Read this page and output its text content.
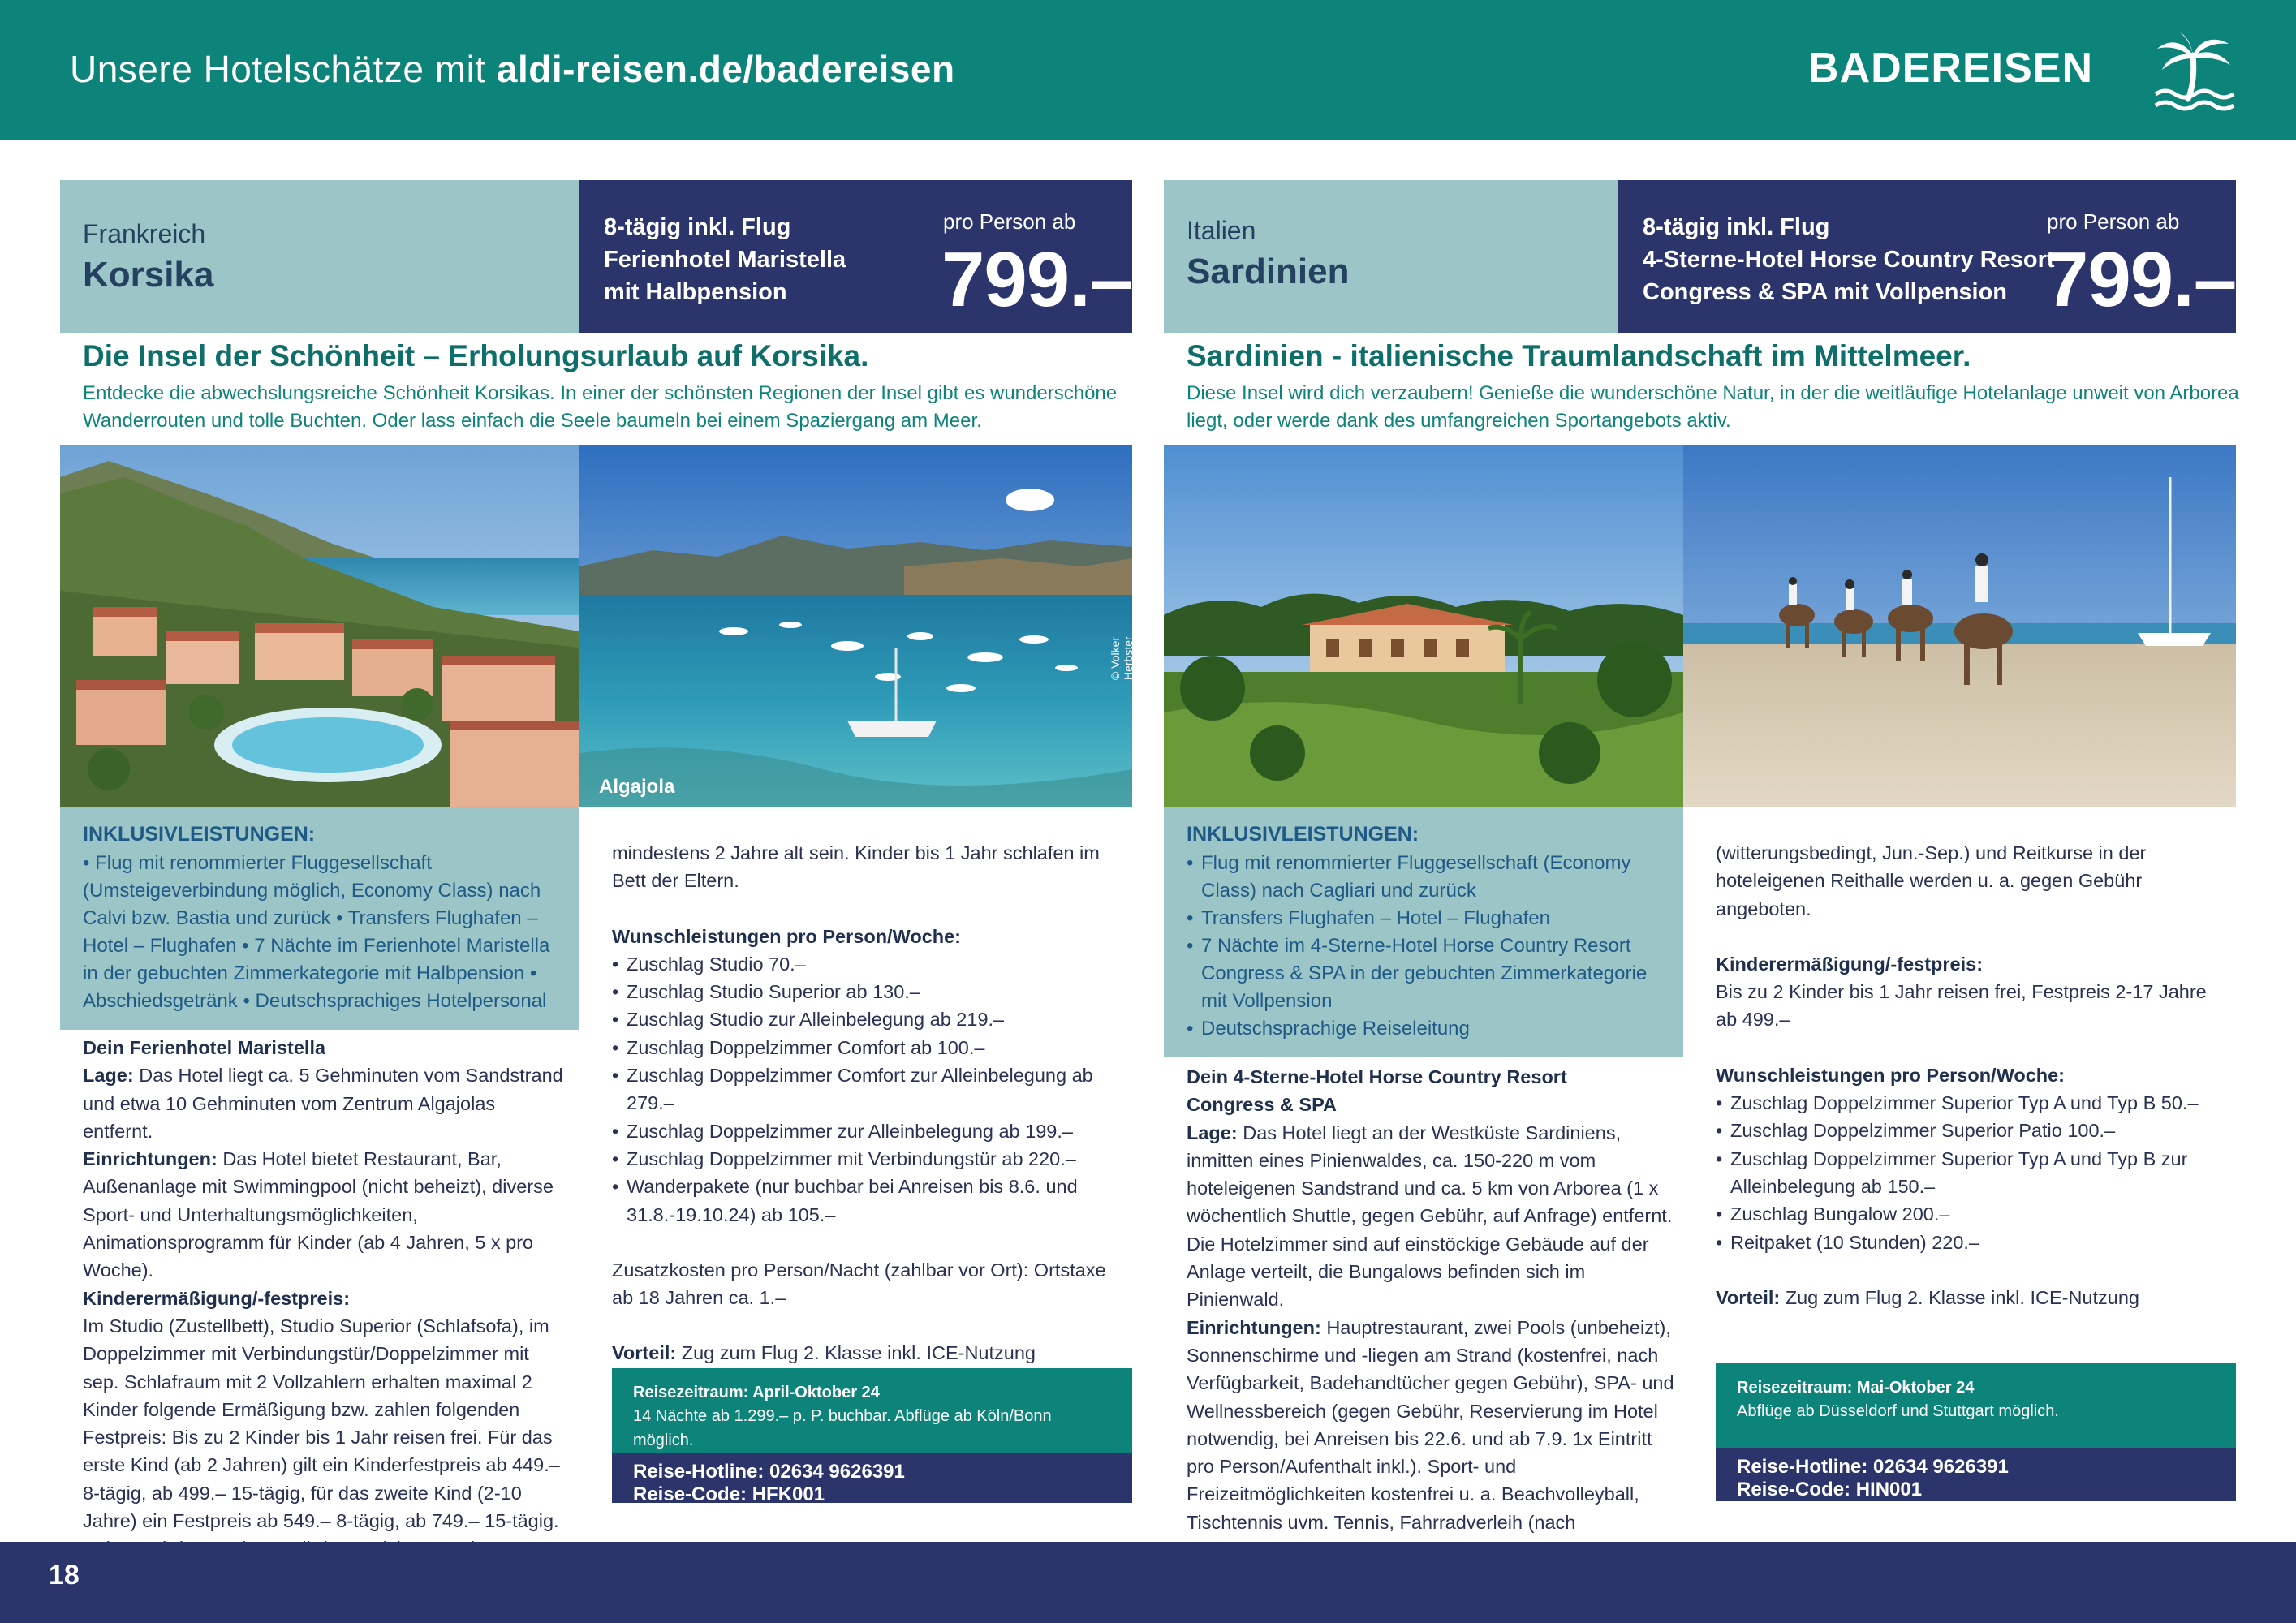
Unsere Hotelschätze mit aldi-reisen.de/badereisen	BADEREISEN
Frankreich
Korsika
8-tägig inkl. Flug
Ferienhotel Maristella
mit Halbpension
pro Person ab
799.–
Die Insel der Schönheit – Erholungsurlaub auf Korsika.
Entdecke die abwechslungsreiche Schönheit Korsikas. In einer der schönsten Regionen der Insel gibt es wunderschöne Wanderrouten und tolle Buchten. Oder lass einfach die Seele baumeln bei einem Spaziergang am Meer.
Algajola
© Volker Herbster
INKLUSIVLEISTUNGEN:
• Flug mit renommierter Fluggesellschaft (Umsteigeverbindung möglich, Economy Class) nach Calvi bzw. Bastia und zurück • Transfers Flughafen – Hotel – Flughafen • 7 Nächte im Ferienhotel Maristella in der gebuchten Zimmerkategorie mit Halbpension • Abschiedsgetränk • Deutschsprachiges Hotelpersonal
Dein Ferienhotel Maristella
Lage: Das Hotel liegt ca. 5 Gehminuten vom Sandstrand und etwa 10 Gehminuten vom Zentrum Algajolas entfernt.
Einrichtungen: Das Hotel bietet Restaurant, Bar, Außenanlage mit Swimmingpool (nicht beheizt), diverse Sport- und Unterhaltungsmöglichkeiten, Animationsprogramm für Kinder (ab 4 Jahren, 5 x pro Woche).
Kinderermäßigung/-festpreis:
Im Studio (Zustellbett), Studio Superior (Schlafsofa), im Doppelzimmer mit Verbindungstür/Doppelzimmer mit sep. Schlafraum mit 2 Vollzahlern erhalten maximal 2 Kinder folgende Ermäßigung bzw. zahlen folgenden Festpreis: Bis zu 2 Kinder bis 1 Jahr reisen frei. Für das erste Kind (ab 2 Jahren) gilt ein Kinderfestpreis ab 449.– 8-tägig, ab 499.– 15-tägig, für das zweite Kind (2-10 Jahre) ein Festpreis ab 549.– 8-tägig, ab 749.– 15-tägig.
mindestens 2 Jahre alt sein. Kinder bis 1 Jahr schlafen im Bett der Eltern.
Wunschleistungen pro Person/Woche:
• Zuschlag Studio 70.–
• Zuschlag Studio Superior ab 130.–
• Zuschlag Studio zur Alleinbelegung ab 219.–
• Zuschlag Doppelzimmer Comfort ab 100.–
• Zuschlag Doppelzimmer Comfort zur Alleinbelegung ab 279.–
• Zuschlag Doppelzimmer zur Alleinbelegung ab 199.–
• Zuschlag Doppelzimmer mit Verbindungstür ab 220.–
• Wanderpakete (nur buchbar bei Anreisen bis 8.6. und 31.8.-19.10.24) ab 105.–
Zusatzkosten pro Person/Nacht (zahlbar vor Ort): Ortstaxe ab 18 Jahren ca. 1.–
Vorteil: Zug zum Flug 2. Klasse inkl. ICE-Nutzung
Reisezeitraum: April-Oktober 24
14 Nächte ab 1.299.– p. P. buchbar. Abflüge ab Köln/Bonn möglich.
Reise-Hotline: 02634 9626391
Reise-Code: HFK001
Italien
Sardinien
8-tägig inkl. Flug
4-Sterne-Hotel Horse Country Resort
Congress & SPA mit Vollpension
pro Person ab
799.–
Sardinien - italienische Traumlandschaft im Mittelmeer.
Diese Insel wird dich verzaubern! Genieße die wunderschöne Natur, in der die weitläufige Hotelanlage unweit von Arborea liegt, oder werde dank des umfangreichen Sportangebots aktiv.
INKLUSIVLEISTUNGEN:
• Flug mit renommierter Fluggesellschaft (Economy Class) nach Cagliari und zurück
• Transfers Flughafen – Hotel – Flughafen
• 7 Nächte im 4-Sterne-Hotel Horse Country Resort Congress & SPA in der gebuchten Zimmerkategorie mit Vollpension
• Deutschsprachige Reiseleitung
Dein 4-Sterne-Hotel Horse Country Resort Congress & SPA
Lage: Das Hotel liegt an der Westküste Sardiniens, inmitten eines Pinienwaldes, ca. 150-220 m vom hoteleigenen Sandstrand und ca. 5 km von Arborea (1 x wöchentlich Shuttle, gegen Gebühr, auf Anfrage) entfernt. Die Hotelzimmer sind auf einstöckige Gebäude auf der Anlage verteilt, die Bungalows befinden sich im Pinienwald.
Einrichtungen: Hauptrestaurant, zwei Pools (unbeheizt), Sonnenschirme und -liegen am Strand (kostenfrei, nach Verfügbarkeit, Badehandtücher gegen Gebühr), SPA- und Wellnessbereich (gegen Gebühr, Reservierung im Hotel notwendig, bei Anreisen bis 22.6. und ab 7.9. 1x Eintritt pro Person/Aufenthalt inkl.). Sport- und Freizeitmöglichkeiten kostenfrei u. a. Beachvolleyball, Tischtennis uvm. Tennis, Fahrradverleih (nach
(witterungsbedingt, Jun.-Sep.) und Reitkurse in der hoteleigenen Reithalle werden u. a. gegen Gebühr angeboten.
Kinderermäßigung/-festpreis:
Bis zu 2 Kinder bis 1 Jahr reisen frei, Festpreis 2-17 Jahre ab 499.–
Wunschleistungen pro Person/Woche:
• Zuschlag Doppelzimmer Superior Typ A und Typ B 50.–
• Zuschlag Doppelzimmer Superior Patio 100.–
• Zuschlag Doppelzimmer Superior Typ A und Typ B zur Alleinbelegung ab 150.–
• Zuschlag Bungalow 200.–
• Reitpaket (10 Stunden) 220.–
Vorteil: Zug zum Flug 2. Klasse inkl. ICE-Nutzung
Reisezeitraum: Mai-Oktober 24
Abflüge ab Düsseldorf und Stuttgart möglich.
Reise-Hotline: 02634 9626391
Reise-Code: HIN001
18
